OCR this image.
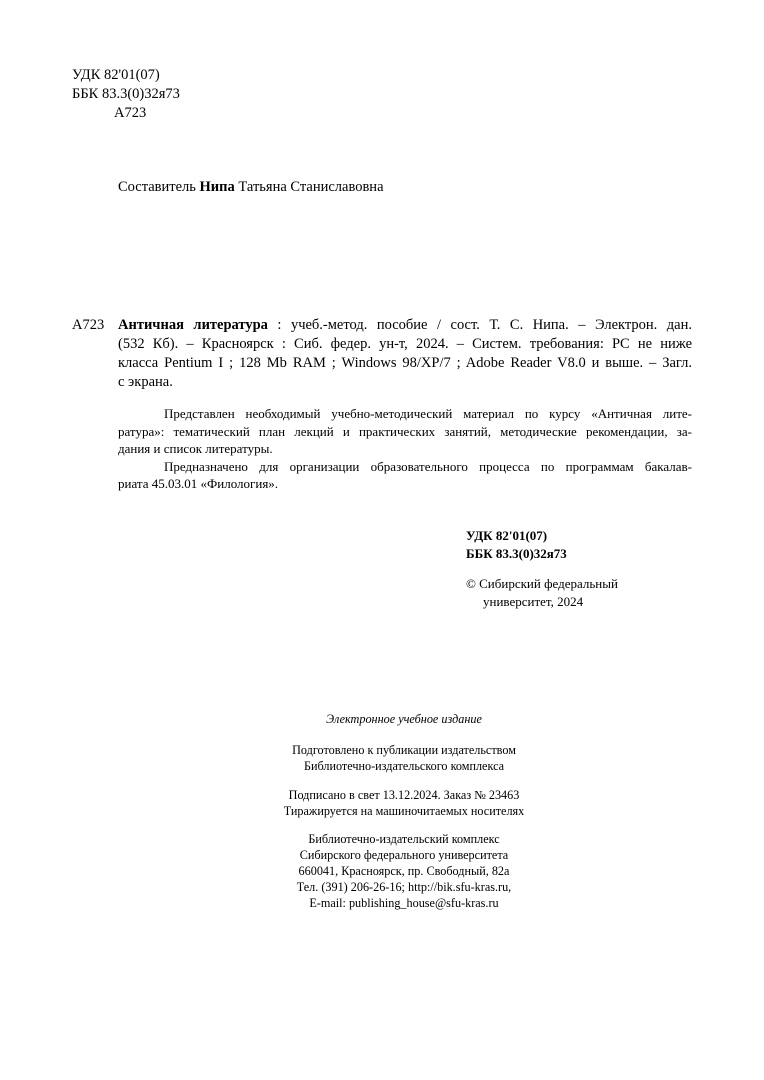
УДК 82'01(07)
ББК 83.3(0)32я73
А723
Составитель Нипа Татьяна Станиславовна
А723 Античная литература : учеб.-метод. пособие / сост. Т. С. Нипа. – Электрон. дан.
(532 Кб). – Красноярск : Сиб. федер. ун-т, 2024. – Систем. требования: PC не ниже
класса Pentium I ; 128 Mb RAM ; Windows 98/XP/7 ; Adobe Reader V8.0 и выше. – Загл.
с экрана.
Представлен необходимый учебно-методический материал по курсу «Античная лите-
ратура»: тематический план лекций и практических занятий, методические рекомендации, за-
дания и список литературы.
Предназначено для организации образовательного процесса по программам бакалав-
риата 45.03.01 «Филология».
УДК 82'01(07)
ББК 83.3(0)32я73
© Сибирский федеральный
университет, 2024
Электронное учебное издание
Подготовлено к публикации издательством
Библиотечно-издательского комплекса
Подписано в свет 13.12.2024. Заказ № 23463
Тиражируется на машиночитаемых носителях
Библиотечно-издательский комплекс
Сибирского федерального университета
660041, Красноярск, пр. Свободный, 82а
Тел. (391) 206-26-16; http://bik.sfu-kras.ru,
E-mail: publishing_house@sfu-kras.ru
